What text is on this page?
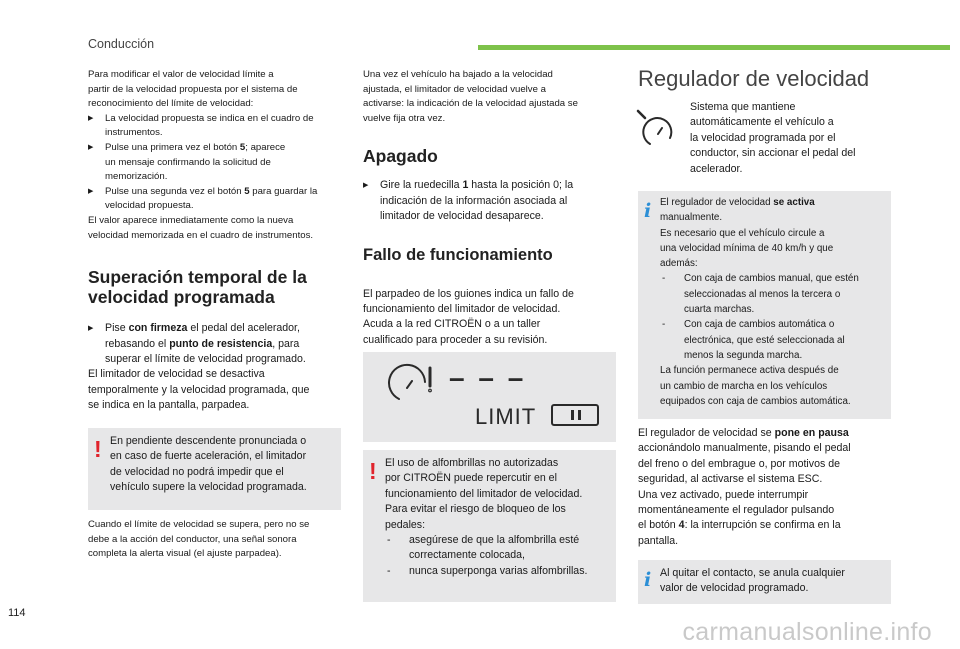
Conducción

Para modificar el valor de velocidad límite a

partir de la velocidad propuesta por el sistema de

reconocimiento del límite de velocidad:

▶	La velocidad propuesta se indica en el cuadro de

instrumentos.

▶	Pulse una primera vez el botón 5; aparece

un mensaje confirmando la solicitud de

memorización.

▶	Pulse una segunda vez el botón 5 para guardar la

velocidad propuesta.

El valor aparece inmediatamente como la nueva

velocidad memorizada en el cuadro de instrumentos.

Superación temporal de la
velocidad programada
▶	Pise con firmeza el pedal del acelerador,

rebasando el punto de resistencia, para

superar el límite de velocidad programado.

El limitador de velocidad se desactiva

temporalmente y la velocidad programada, que

se indica en la pantalla, parpadea.

! En pendiente descendente pronunciada o

en caso de fuerte aceleración, el limitador

de velocidad no podrá impedir que el

vehículo supere la velocidad programada.

Cuando el límite de velocidad se supera, pero no se

debe a la acción del conductor, una señal sonora

completa la alerta visual (el ajuste parpadea).

Una vez el vehículo ha bajado a la velocidad

ajustada, el limitador de velocidad vuelve a

activarse: la indicación de la velocidad ajustada se

vuelve fija otra vez.

Apagado
▶	Gire la ruedecilla 1 hasta la posición 0; la

indicación de la información asociada al

limitador de velocidad desaparece.

Fallo de funcionamiento

El parpadeo de los guiones indica un fallo de

funcionamiento del limitador de velocidad.

Acuda a la red CITROËN o a un taller

cualificado para proceder a su revisión.

– – –
LIMIT
! El uso de alfombrillas no autorizadas

por CITROËN puede repercutir en el

funcionamiento del limitador de velocidad.

Para evitar el riesgo de bloqueo de los

pedales:

-	asegúrese de que la alfombrilla esté

correctamente colocada,

-	nunca superponga varias alfombrillas.

Regulador de velocidad

Sistema que mantiene

automáticamente el vehículo a

la velocidad programada por el

conductor, sin accionar el pedal del

acelerador.

i El regulador de velocidad se activa

manualmente.

Es necesario que el vehículo circule a

una velocidad mínima de 40 km/h y que

además:

-	Con caja de cambios manual, que estén

seleccionadas al menos la tercera o

cuarta marchas.

-	Con caja de cambios automática o

electrónica, que esté seleccionada al

menos la segunda marcha.

La función permanece activa después de

un cambio de marcha en los vehículos

equipados con caja de cambios automática.

El regulador de velocidad se pone en pausa

accionándolo manualmente, pisando el pedal

del freno o del embrague o, por motivos de

seguridad, al activarse el sistema ESC.

Una vez activado, puede interrumpir

momentáneamente el regulador pulsando

el botón 4: la interrupción se confirma en la

pantalla.

i Al quitar el contacto, se anula cualquier

valor de velocidad programado.

114
carmanualsonline.info
